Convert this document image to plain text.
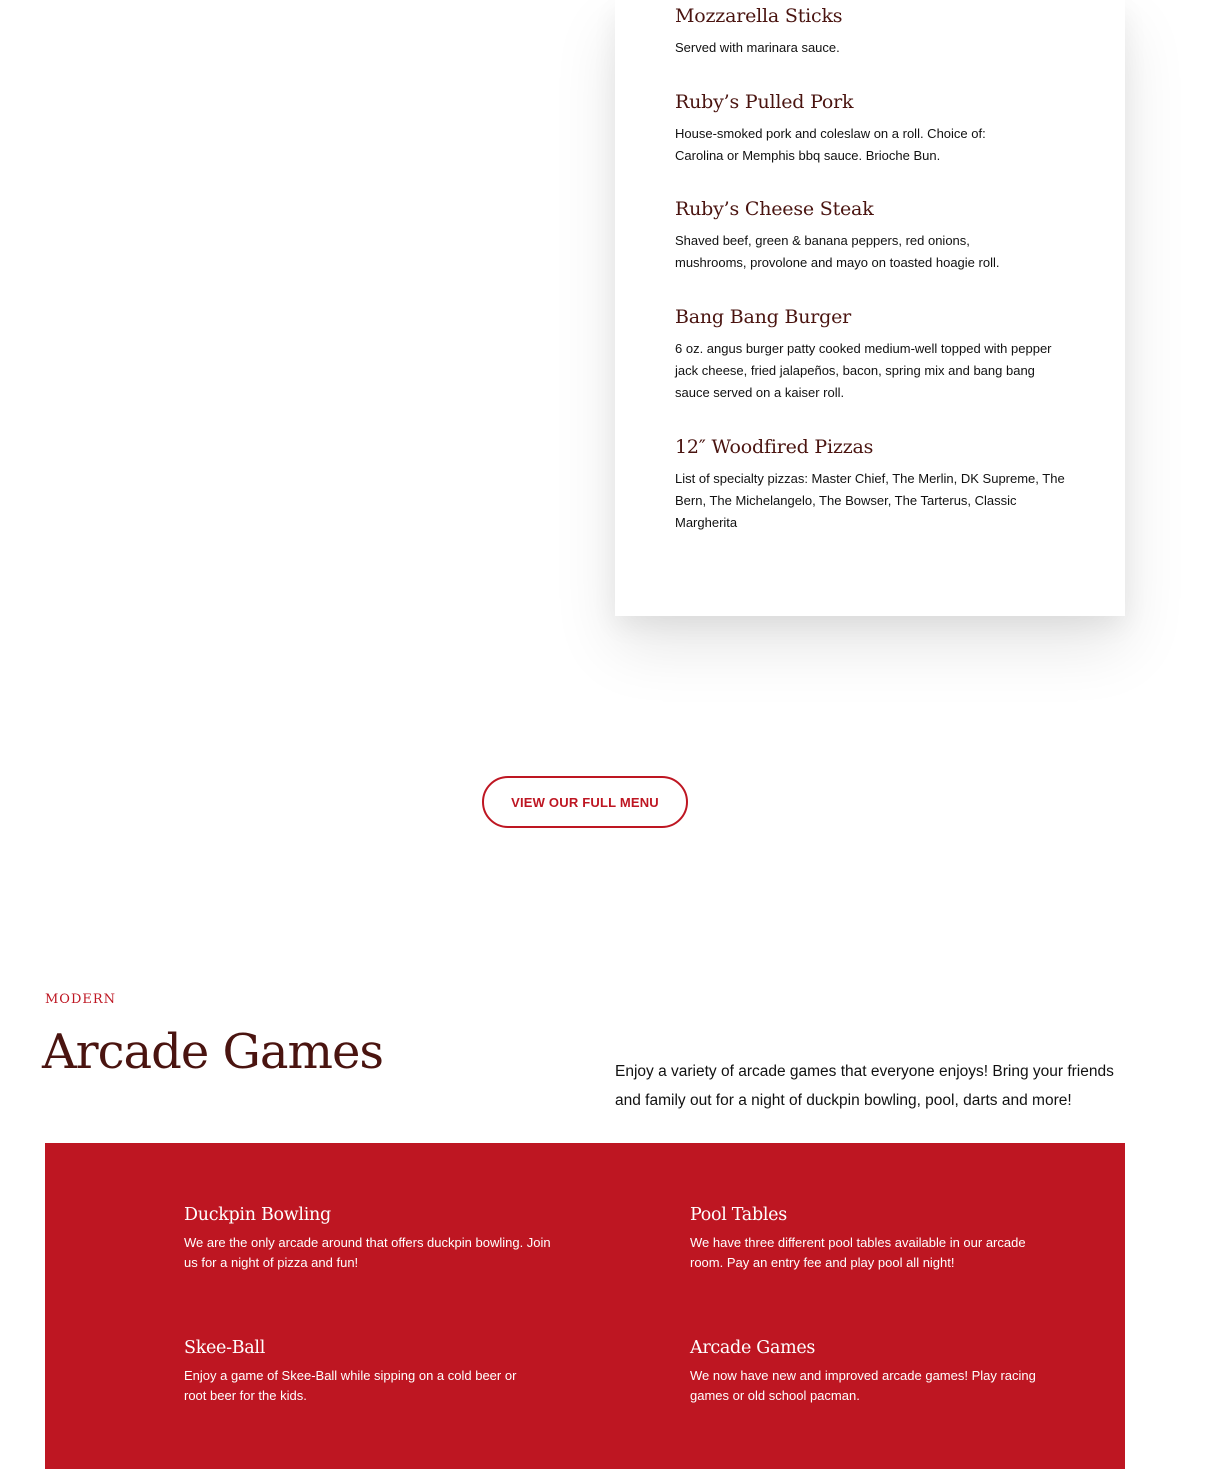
Mozzarella Sticks

Served with marinara sauce.

Ruby’s Pulled Pork

House-smoked pork and coleslaw on a roll. Choice of: Carolina or Memphis bbq sauce. Brioche Bun.

Ruby’s Cheese Steak

Shaved beef, green & banana peppers, red onions, mushrooms, provolone and mayo on toasted hoagie roll.

Bang Bang Burger

6 oz. angus burger patty cooked medium-well topped with pepper jack cheese, fried jalapeños, bacon, spring mix and bang bang sauce served on a kaiser roll.

12″ Woodfired Pizzas

List of specialty pizzas: Master Chief, The Merlin, DK Supreme, The Bern, The Michelangelo, The Bowser, The Tarterus, Classic Margherita

VIEW OUR FULL MENU
MODERN
Arcade Games	Enjoy a variety of arcade games that everyone enjoys! Bring your friends and family out for a night of duckpin bowling, pool, darts and more!

Duckpin Bowling

We are the only arcade around that offers duckpin bowling. Join us for a night of pizza and fun!

Pool Tables

We have three different pool tables available in our arcade room. Pay an entry fee and play pool all night!

Skee-Ball

Enjoy a game of Skee-Ball while sipping on a cold beer or root beer for the kids.

Arcade Games

We now have new and improved arcade games! Play racing games or old school pacman.
